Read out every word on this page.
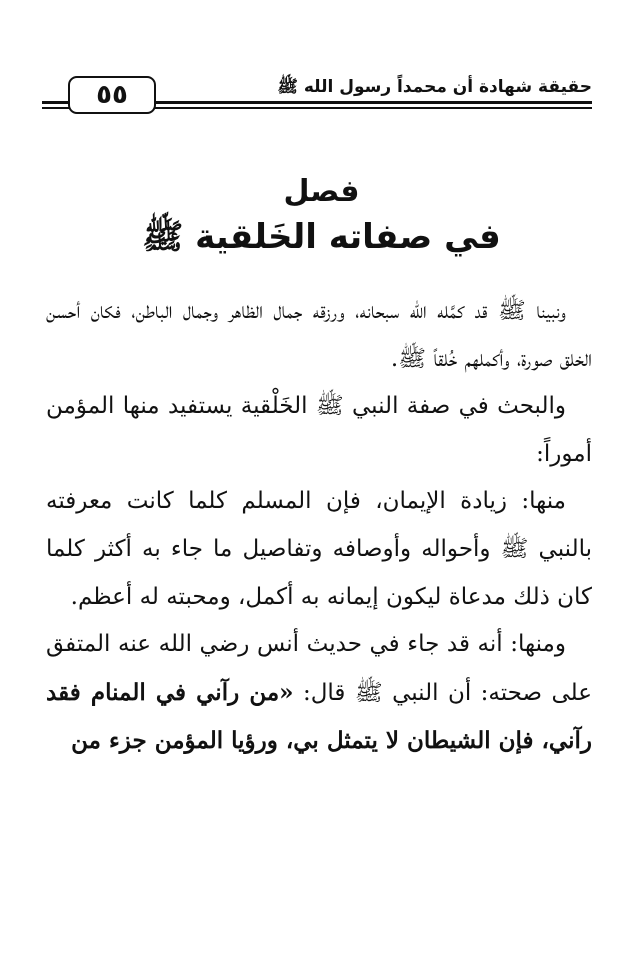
٥٥	حقيقة شهادة أن محمداً رسول الله ﷺ
فصل
في صفاته الخَلقية ﷺ

ونبينا ﷺ قد كمَّله الله سبحانه، ورزقه جمال الظاهر وجمال الباطن، فكان أحسن الخلق صورة، وأكملهم خُلقاً ﷺ.

والبحث في صفة النبي ﷺ الخَلْقية يستفيد منها المؤمن أموراً:

منها: زيادة الإيمان، فإن المسلم كلما كانت معرفته بالنبي ﷺ وأحواله وأوصافه وتفاصيل ما جاء به أكثر كلما كان ذلك مدعاة ليكون إيمانه به أكمل، ومحبته له أعظم.

ومنها: أنه قد جاء في حديث أنس رضي الله عنه المتفق على صحته: أن النبي ﷺ قال: «من رآني في المنام فقد رآني، فإن الشيطان لا يتمثل بي، ورؤيا المؤمن جزء من
